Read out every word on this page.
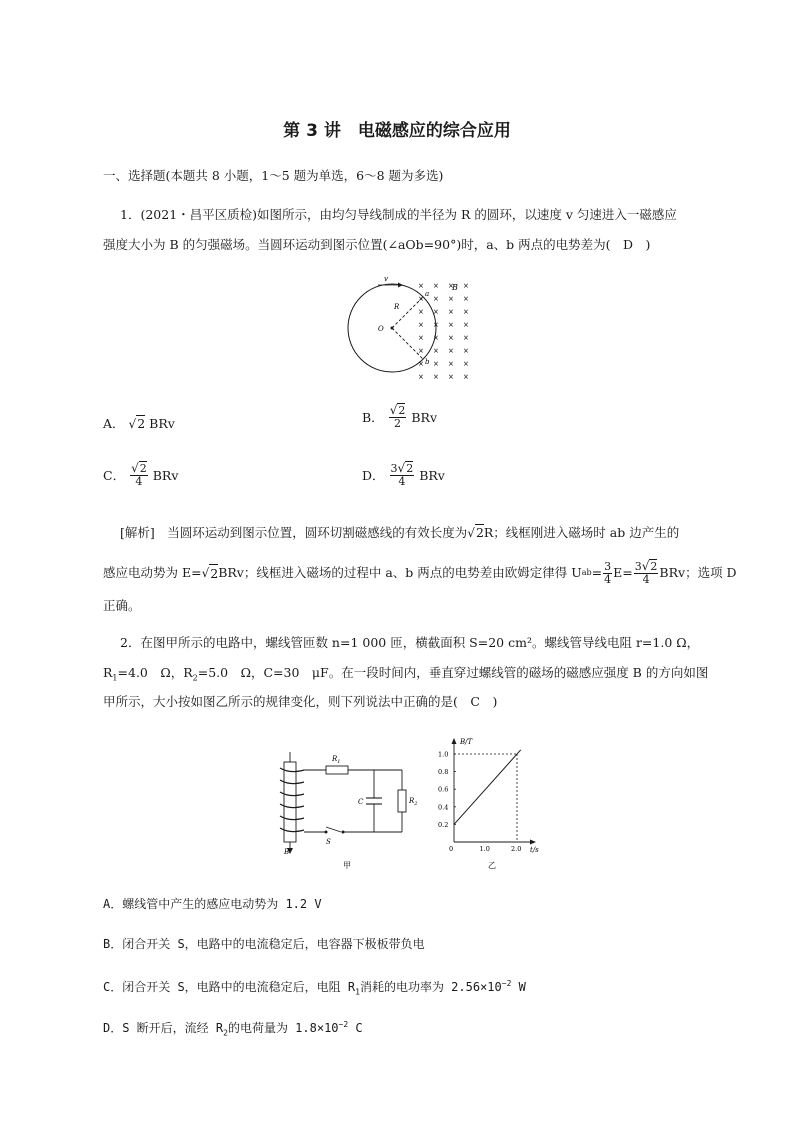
第 3 讲　电磁感应的综合应用
一、选择题(本题共 8 小题，1～5 题为单选，6～8 题为多选)
1．(2021・昌平区质检)如图所示，由均匀导线制成的半径为 R 的圆环，以速度 v 匀速进入一磁感应
强度大小为 B 的匀强磁场。当圆环运动到图示位置(∠aOb=90°)时，a、b 两点的电势差为(　D　)
v
R
O
a
b
B
× × × ×
× × × ×
× × × ×
× × × ×
× × × ×
× × × ×
× × × ×
× × × ×
A． √2 BRv	B． $\frac{√2}{2}$ BRv
C． $\frac{√2}{4}$ BRv	D． $\frac{3√2}{4}$ BRv
[解析]　当圆环运动到图示位置，圆环切割磁感线的有效长度为√2R；线框刚进入磁场时 ab 边产生的
感应电动势为 E= √ 2 BRv；线框进入磁场的过程中 a、b 两点的电势差由欧姆定律得 U ab = $\frac{3}{4} E= \frac{3√2}{4}$ BRv；选项 D
正确。
2．在图甲所示的电路中，螺线管匝数 n=1 000 匝，横截面积 S=20 cm²。螺线管导线电阻 r=1.0 Ω，
$R_1=4.0$　Ω，$R_2=5.0$　Ω，C=30　μF。在一段时间内，垂直穿过螺线管的磁场的磁感应强度 B 的方向如图
甲所示，大小按如图乙所示的规律变化，则下列说法中正确的是(　C　)
B
$R_1$
C	$R_2$
S
甲
B/T
t/s
1.0
0.8
0.6
0.4
0.2
0	1.0	2.0
乙
A．螺线管中产生的感应电动势为 1.2 V
B．闭合开关 S，电路中的电流稳定后，电容器下极板带负电
C．闭合开关 S，电路中的电流稳定后，电阻 $R_1$消耗的电功率为 $2.56\times 10^{-2}$ W
D．S 断开后，流经 $R_2$的电荷量为 $1.8\times 10^{-2}$ C
